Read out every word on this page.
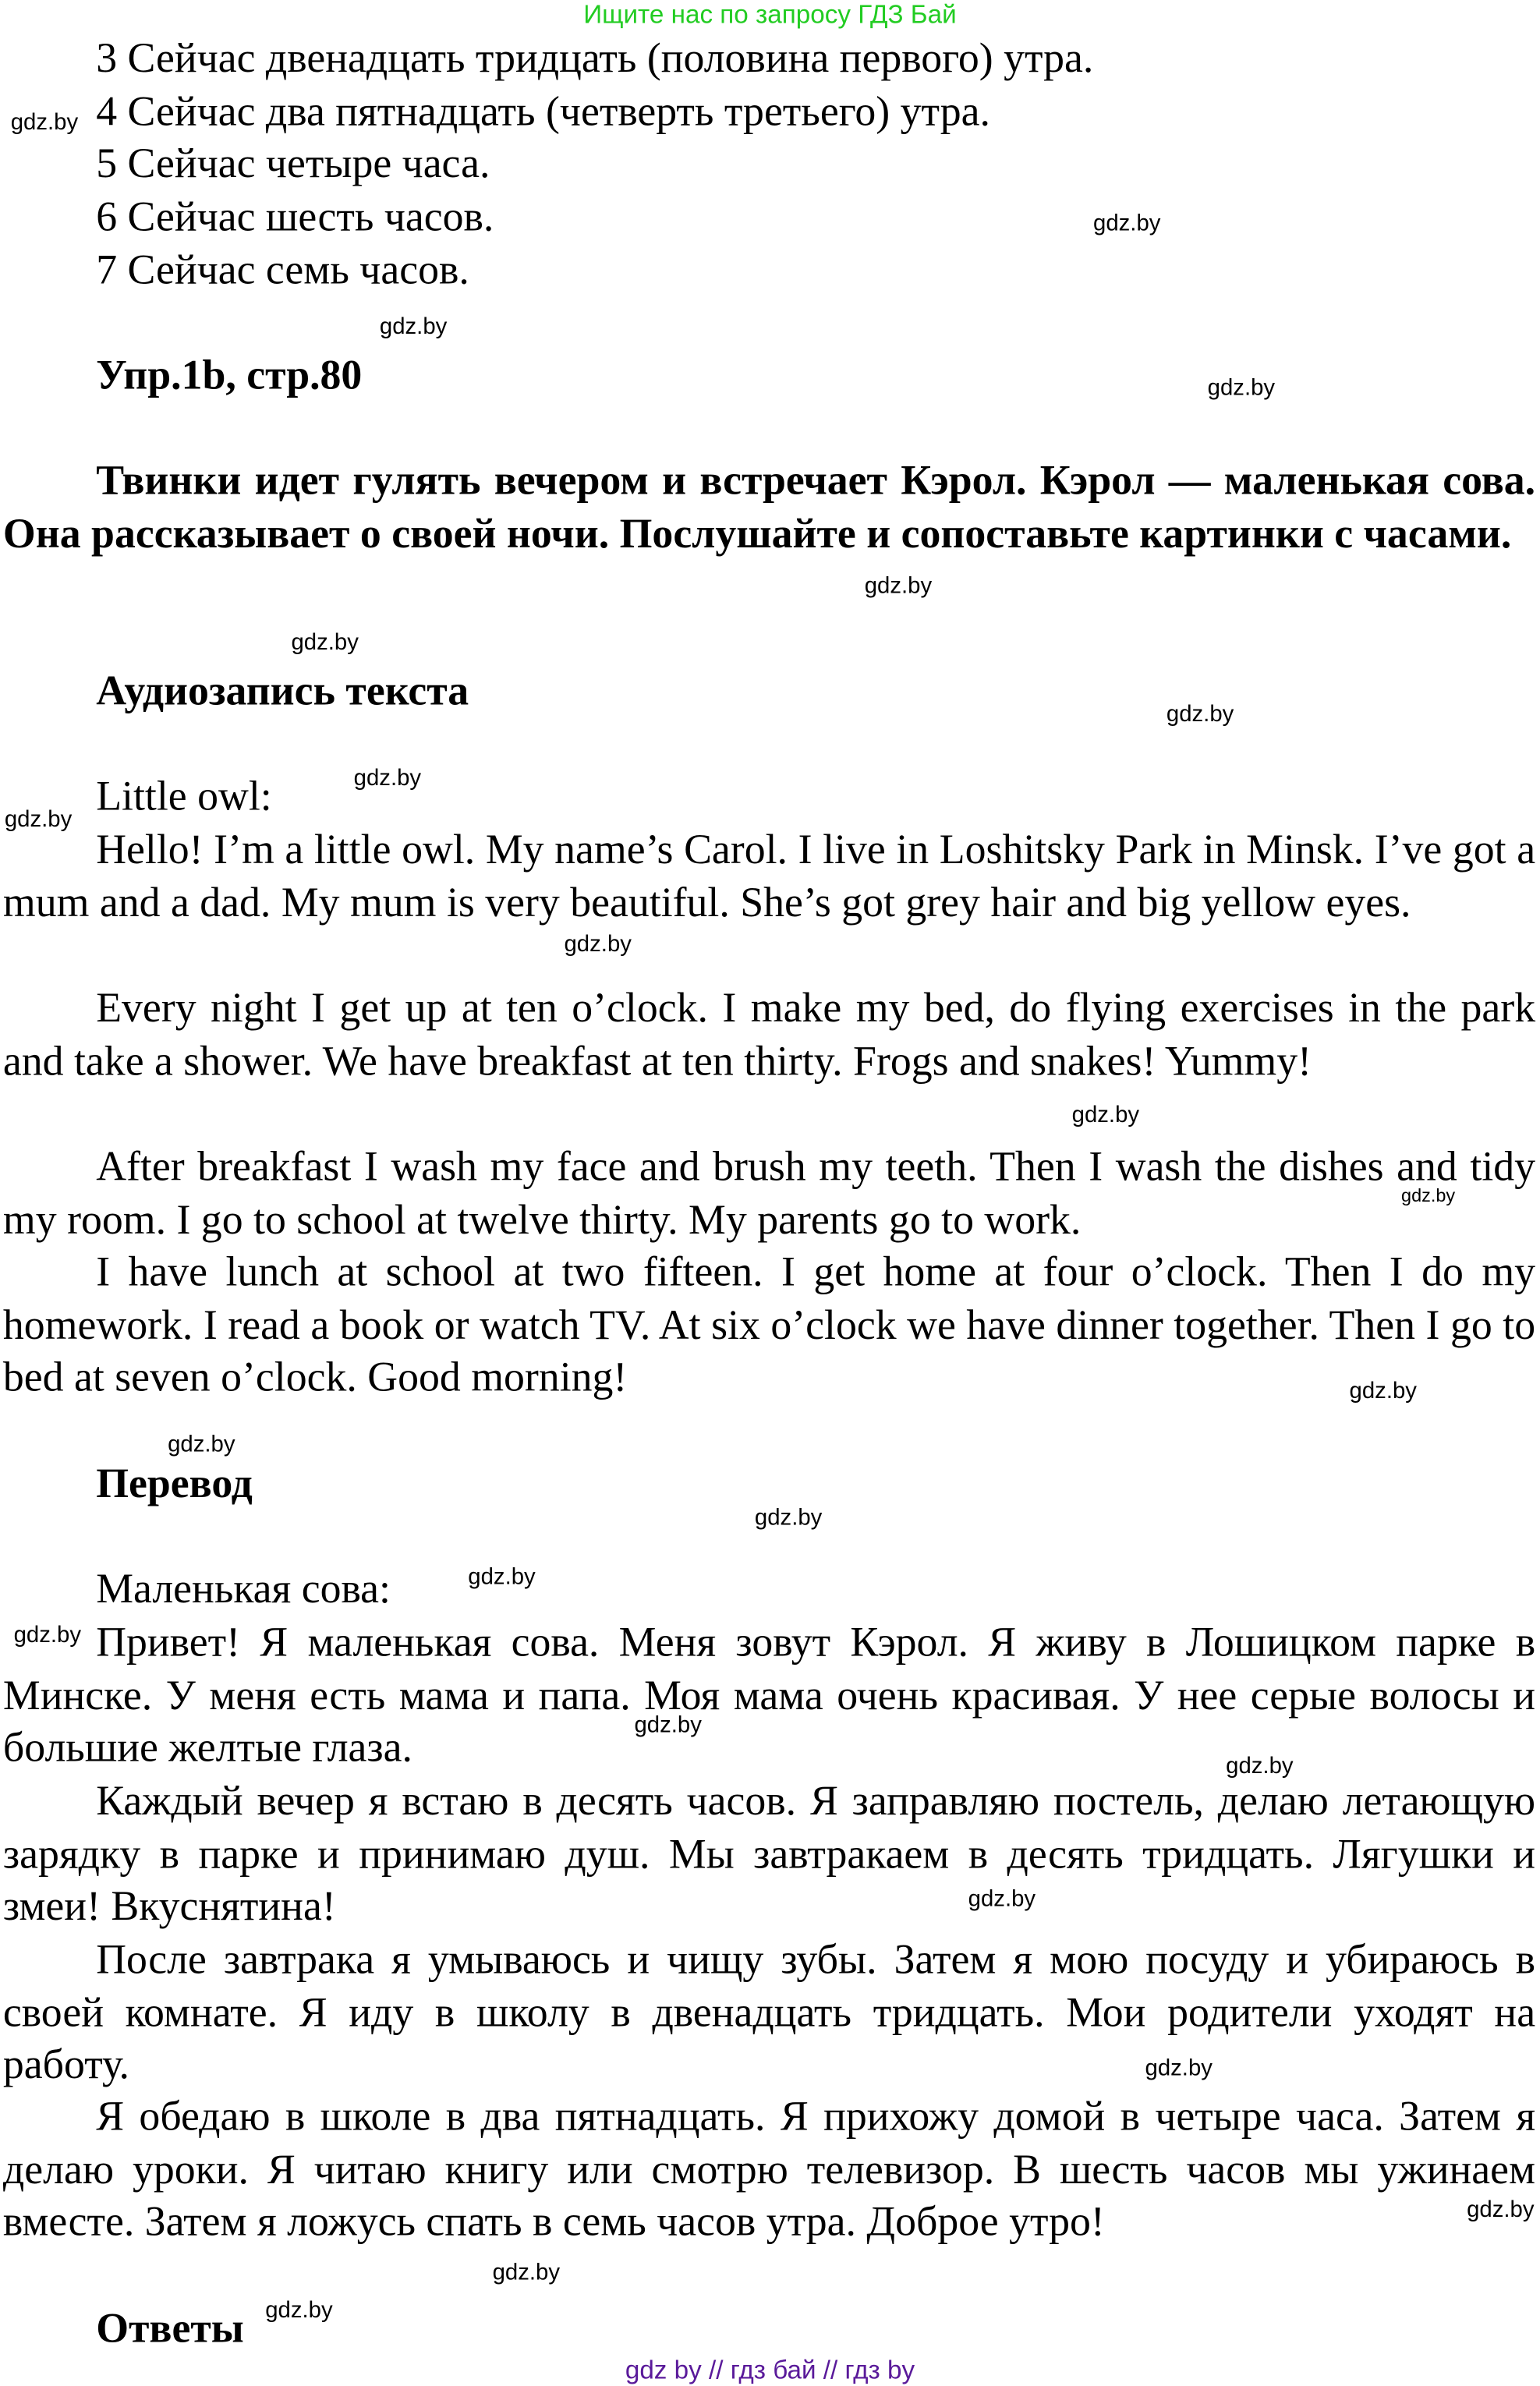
Ищите нас по запросу ГДЗ Бай
3 Сейчас двенадцать тридцать (половина первого) утра.
4 Сейчас два пятнадцать (четверть третьего) утра.
5 Сейчас четыре часа.
6 Сейчас шесть часов.
7 Сейчас семь часов.
Упр.1b, стр.80
Твинки идет гулять вечером и встречает Кэрол. Кэрол — маленькая сова. Она рассказывает о своей ночи. Послушайте и сопоставьте картинки с часами.
Аудиозапись текста
Little owl:
Hello! I’m a little owl. My name’s Carol. I live in Loshitsky Park in Minsk. I’ve got a mum and a dad. My mum is very beautiful. She’s got grey hair and big yellow eyes.
Every night I get up at ten o’clock. I make my bed, do flying exercises in the park and take a shower. We have breakfast at ten thirty. Frogs and snakes! Yummy!
After breakfast I wash my face and brush my teeth. Then I wash the dishes and tidy my room. I go to school at twelve thirty. My parents go to work.
I have lunch at school at two fifteen. I get home at four o’clock. Then I do my homework. I read a book or watch TV. At six o’clock we have dinner together. Then I go to bed at seven o’clock. Good morning!
Перевод
Маленькая сова:
Привет! Я маленькая сова. Меня зовут Кэрол. Я живу в Лошицком парке в Минске. У меня есть мама и папа. Моя мама очень красивая. У нее серые волосы и большие желтые глаза.
Каждый вечер я встаю в десять часов. Я заправляю постель, делаю летающую зарядку в парке и принимаю душ. Мы завтракаем в десять тридцать. Лягушки и змеи! Вкуснятина!
После завтрака я умываюсь и чищу зубы. Затем я мою посуду и убираюсь в своей комнате. Я иду в школу в двенадцать тридцать. Мои родители уходят на работу.
Я обедаю в школе в два пятнадцать. Я прихожу домой в четыре часа. Затем я делаю уроки. Я читаю книгу или смотрю телевизор. В шесть часов мы ужинаем вместе. Затем я ложусь спать в семь часов утра. Доброе утро!
Ответы
gdz.by
gdz.by
gdz.by
gdz.by
gdz.by
gdz.by
gdz.by
gdz.by
gdz.by
gdz.by
gdz.by
gdz.by
gdz.by
gdz.by
gdz.by
gdz.by
gdz.by
gdz.by
gdz.by
gdz.by
gdz.by
gdz.by
gdz.by
gdz.by
gdz by // гдз бай // гдз by
